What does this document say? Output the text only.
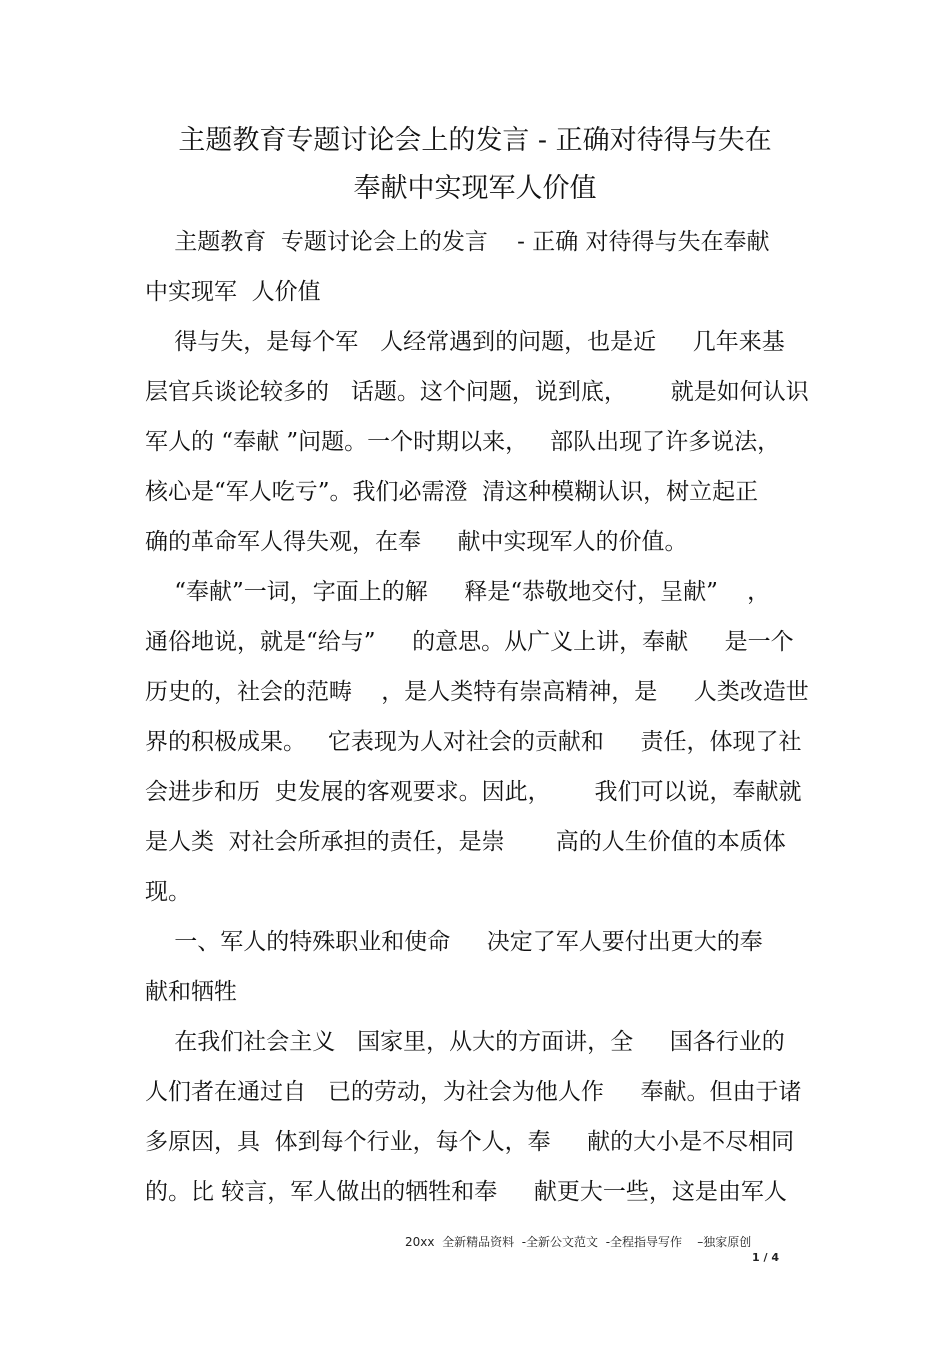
主题教育专题讨论会上的发言 - 正确对待得与失在
奉献中实现军人价值
主题教育  专题讨论会上的发言    - 正确 对待得与失在奉献
中实现军  人价值
得与失，是每个军   人经常遇到的问题，也是近     几年来基
层官兵谈论较多的   话题。这个问题，说到底，      就是如何认识
军人的 “奉献 ”问题。一个时期以来，   部队出现了许多说法，
核心是“军人吃亏”。我们必需澄  清这种模糊认识，树立起正
确的革命军人得失观，在奉     献中实现军人的价值。
“奉献”一词，字面上的解     释是“恭敬地交付，呈献”    ，
通俗地说，就是“给与”     的意思。从广义上讲，奉献     是一个
历史的，社会的范畴    ，是人类特有崇高精神，是     人类改造世
界的积极成果。   它表现为人对社会的贡献和     责任，体现了社
会进步和历  史发展的客观要求。因此，      我们可以说，奉献就
是人类  对社会所承担的责任，是崇       高的人生价值的本质体
现。
一、军人的特殊职业和使命     决定了军人要付出更大的奉
献和牺牲
在我们社会主义   国家里，从大的方面讲，全     国各行业的
人们者在通过自   已的劳动，为社会为他人作     奉献。但由于诸
多原因，具  体到每个行业，每个人，奉     献的大小是不尽相同
的。比 较言，军人做出的牺牲和奉     献更大一些，这是由军人
20xx  全新精品资料  -全新公文范文  -全程指导写作    –独家原创
1 / 4
